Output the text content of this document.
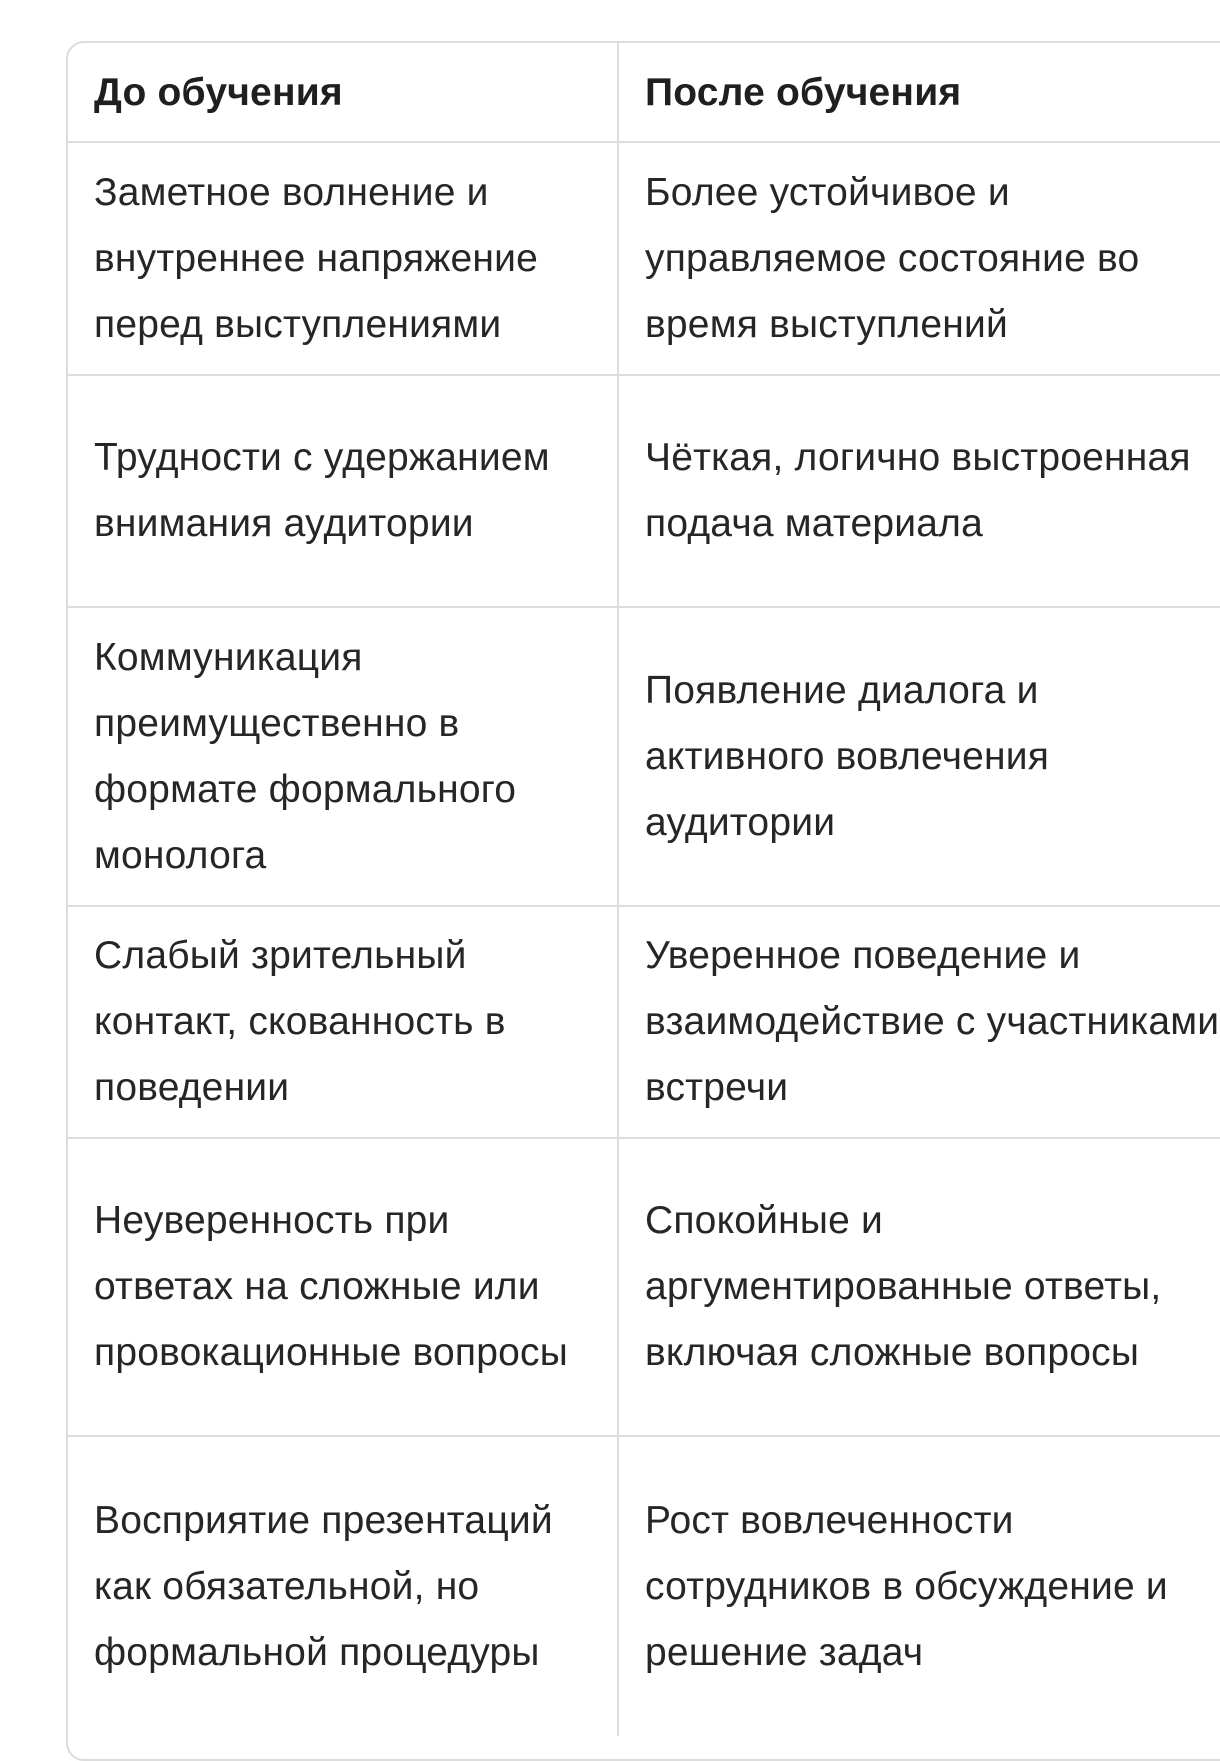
До обучения	После обучения
Заметное волнение и внутреннее напряжение перед выступлениями	Более устойчивое и управляемое состояние во время выступлений
Трудности с удержанием внимания аудитории	Чёткая, логично выстроенная подача материала
Коммуникация преимущественно в формате формального монолога	Появление диалога и активного вовлечения аудитории
Слабый зрительный контакт, скованность в поведении	Уверенное поведение и взаимодействие с участниками встречи
Неуверенность при ответах на сложные или провокационные вопросы	Спокойные и аргументированные ответы, включая сложные вопросы
Восприятие презентаций как обязательной, но формальной процедуры	Рост вовлеченности сотрудников в обсуждение и решение задач
